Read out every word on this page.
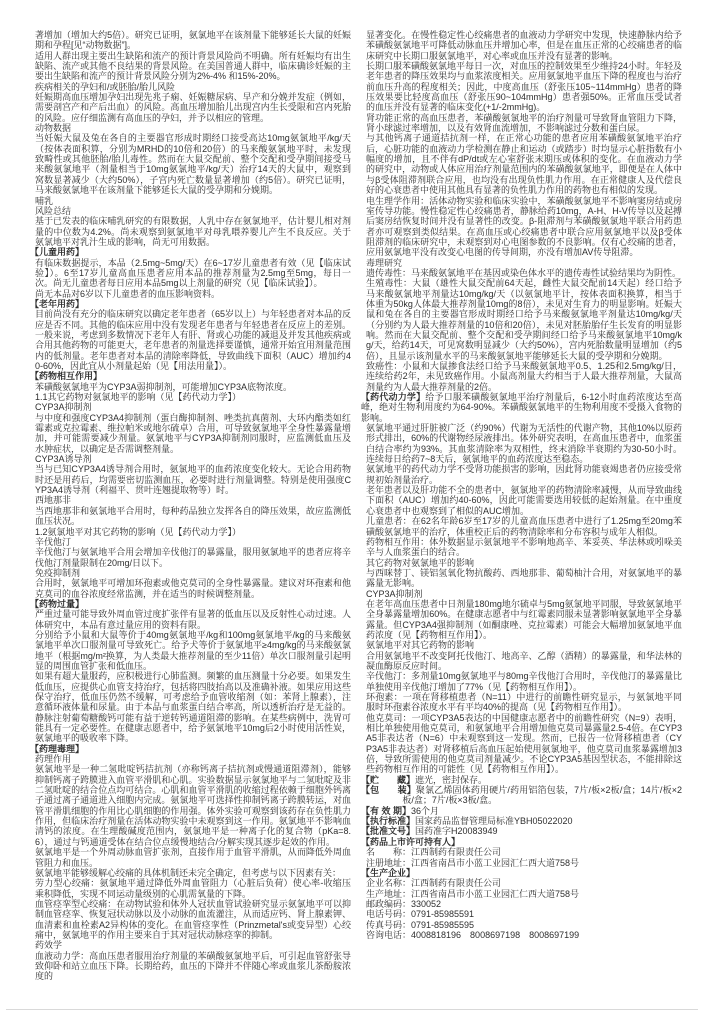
著增加（增加大约5倍）。研究已证明，氨氯地平在该剂量下能够延长大鼠的妊娠期和孕程[见“动物数据”]。

适用人群出现主要出生缺陷和流产的预计背景风险尚不明确。所有妊娠均有出生缺陷、流产或其他不良结果的背景风险。在美国普通人群中，临床确诊妊娠的主要出生缺陷和流产的预计背景风险分别为2%-4% 和15%-20%。

疾病相关的孕妇和/或胚胎/胎儿风险

妊娠期高血压增加孕妇出现先兆子痫、妊娠糖尿病、早产和分娩并发症（例如，需要剖宫产和产后出血）的风险。高血压增加胎儿出现宫内生长受限和宫内死胎的风险。应仔细监测有高血压的孕妇，并予以相应的管理。

动物数据

当妊娠大鼠及兔在各自的主要器官形成时期经口接受高达10mg氨氯地平/kg/天（按体表面积算，分别为MRHD的10倍和20倍）的马来酸氨氯地平时，未发现致畸性或其他胚胎/胎儿毒性。然而在大鼠交配前、整个交配和受孕期间接受马来酸氨氯地平（剂量相当于10mg氨氯地平/kg/天）治疗14天的大鼠中，观察到窝数显著减少（大约50%），子宫内死亡数量显著增加（约5倍）。研究已证明，马来酸氨氯地平在该剂量下能够延长大鼠的受孕期和分娩期。

哺乳

风险总结

基于已发表的临床哺乳研究的有限数据，人乳中存在氨氯地平，估计婴儿相对剂量的中位数为4.2%。尚未观察到氨氯地平对母乳喂养婴儿产生不良反应。关于氨氯地平对乳汁生成的影响，尚无可用数据。

【儿童用药】

有临床数据提示，本品（2.5mg~5mg/天）在6~17岁儿童患者有效（见【临床试验】）。6至17岁儿童高血压患者应用本品的推荐剂量为2.5mg至5mg，每日一次。尚无儿童患者每日应用本品5mg以上剂量的研究（见【临床试验】）。

尚无本品对6岁以下儿童患者的血压影响资料。

【老年用药】

目前尚没有充分的临床研究以确定老年患者（65岁以上）与年轻患者对本品的反应是否不同。其他的临床应用中没有发现老年患者与年轻患者在反应上的差别。一般来说，考虑到多数情况下老年人有肝、肾或心功能的减退及并发其他疾病或合用其他药物的可能更大，老年患者的剂量选择要谨慎，通常开始宜用剂量范围内的低剂量。老年患者对本品的清除率降低，导致曲线下面积（AUC）增加约40-60%，因此宜从小剂量起始（见【用法用量】）。

【药物相互作用】

苯磺酸氨氯地平为CYP3A弱抑制剂，可能增加CYP3A底物浓度。

1.1其它药物对氨氯地平的影响（见【药代动力学】）

CYP3A抑制剂

与中度和强度CYP3A4抑制剂（蛋白酶抑制剂、唑类抗真菌剂、大环内酯类如红霉素或克拉霉素、维拉帕米或地尔硫卓）合用，可导致氨氯地平全身性暴露量增加，并可能需要减少剂量。氨氯地平与CYP3A抑制剂同服时，应监测低血压及水肿症状，以确定是否需调整剂量。

CYP3A诱导剂

当与已知CYP3A4诱导剂合用时，氨氯地平的血药浓度变化较大。无论合用药物时还是用药后，均需要密切监测血压，必要时进行剂量调整。特别是使用强度CYP3A4诱导剂（利福平、贯叶连翘提取物等）时。

西地那非

当西地那非和氨氯地平合用时，每种药品独立发挥各自的降压效果，故应监测低血压状况。

1.2氨氯地平对其它药物的影响（见【药代动力学】）

辛伐他汀

辛伐他汀与氨氯地平合用会增加辛伐他汀的暴露量，服用氨氯地平的患者应将辛伐他汀剂量限制在20mg/日以下。

免疫抑制剂

合用时，氨氯地平可增加环孢素或他克莫司的全身性暴露量。建议对环孢素和他克莫司的血谷浓度经常监测，并在适当的时候调整剂量。

【药物过量】

严重过量可能导致外周血管过度扩张伴有显著的低血压以及反射性心动过速。人体研究中，本品有意过量应用的资料有限。

分别给予小鼠和大鼠等价于40mg氨氯地平/kg和100mg氨氯地平/kg的马来酸氨氯地平单次口服剂量可导致死亡。给予犬等价于氨氯地平≥4mg/kg的马来酸氨氯地平（根据mg/m²换算，为人类最大推荐剂量的至少11倍）单次口服剂量引起明显的周围血管扩张和低血压。

如果有超大量服药，应积极进行心肺监测。频繁的血压测量十分必要。如果发生低血压，应提供心血管支持治疗，包括将四肢抬高以及准确补液。如果应用这些保守治疗，低血压仍然不缓解，可考虑给予血管收缩剂（如：苯肾上腺素），注意循环液体量和尿量。由于本品与血浆蛋白结合率高，所以透析治疗是无益的。静脉注射葡萄糖酸钙可能有益于逆转钙通道阻滞的影响。在某些病例中，洗胃可能具有一定必要性。在健康志愿者中，给予氨氯地平10mg后2小时使用活性炭，氨氯地平的吸收率下降。

【药理毒理】

药理作用

氨氯地平是一种二氢吡啶钙拮抗剂（亦称钙离子拮抗剂或慢通道阻滞剂），能够抑制钙离子跨膜进入血管平滑肌和心肌。实验数据显示氨氯地平与二氢吡啶及非二氢吡啶的结合位点均可结合。心肌和血管平滑肌的收缩过程依赖于细胞外钙离子通过离子通道进入细胞内完成。氨氯地平可选择性抑制钙离子跨膜转运，对血管平滑肌细胞的作用比心肌细胞的作用强。体外实验可观察到该药存在负性肌力作用，但临床治疗剂量在活体动物实验中未观察到这一作用。氨氯地平不影响血清钙的浓度。在生理酸碱度范围内，氨氯地平是一种离子化的复合物（pKa=8.6），通过与钙通道受体在结合位点缓慢地结合/分解实现其逐步起效的作用。

氨氯地平是一个外周动脉血管扩张剂，直接作用于血管平滑肌，从而降低外周血管阻力和血压。

氨氯地平能够缓解心绞痛的具体机制还未完全确定，但考虑与以下因素有关：

劳力型心绞痛：氨氯地平通过降低外周血管阻力（心脏后负荷）使心率-收缩压乘积降低，实现不同运动量级别的心肌需氧量的下降。

血管痉挛型心绞痛：在动物试验和体外人冠状血管试验研究显示氨氯地平可以抑制血管痉挛、恢复冠状动脉以及小动脉的血流灌注，从而适应钙、肾上腺素钾、血清素和血栓素A2异构体的变化。在血管痉挛性（Prinzmetal's或变异型）心绞痛中，氨氯地平的作用主要来自于其对冠状动脉痉挛的抑制。

药效学

血液动力学：高血压患者服用治疗剂量的苯磺酸氨氯地平后，可引起血管舒张导致仰卧和站立血压下降。长期给药，血压的下降并不伴随心率或血浆儿茶酚胺浓度的

显著变化。在慢性稳定性心绞痛患者的血液动力学研究中发现，快速静脉内给予苯磺酸氨氯地平可降低动脉血压并增加心率，但是在血压正常的心绞痛患者的临床研究中长期口服氨氯地平，对心率或血压并没有显著的影响。

长期口服苯磺酸氨氯地平每日一次，对血压的控制效果至少维持24小时。年轻及老年患者的降压效果均与血浆浓度相关。应用氨氯地平血压下降的程度也与治疗前血压升高的程度相关；因此，中度高血压（舒张压105~114mmHg）患者的降压效果要比轻度高血压（舒张压90~104mmHg）患者强50%。正常血压受试者的血压并没有显著的临床变化(+1/-2mmHg)。

肾功能正常的高血压患者，苯磺酸氨氯地平的治疗剂量可导致肾血管阻力下降，肾小球滤过率增加，以及有效肾血流增加，不影响滤过分数和蛋白尿。

与其他钙离子通道拮抗剂一样，在正常心功能的患者应用苯磺酸氨氯地平治疗后，心脏功能的血液动力学检测在静止和运动（或踏步）时均显示心脏指数有小幅度的增加，且不伴有dP/dt或左心室舒张末期压或体积的变化。在血液动力学的研究中，动物或人体应用治疗剂量范围内的苯磺酸氨氯地平，即便是在人体中与β受体阻滞剂联合应用，也均没有出现负性肌力作用。在正常健康人及代偿良好的心衰患者中使用其他具有显著的负性肌力作用的药物也有相似的发现。

电生理学作用：活体动物实验和临床实验中，苯磺酸氨氯地平不影响窦房结或房室传导功能。慢性稳定性心绞痛患者，静脉给药10mg，A-H、H-V传导以及起搏后窦房结恢复时间并没有显著性的改变。β-阻滞剂与苯磺酸氨氯地平联合用药患者亦可观察到类似结果。在高血压或心绞痛患者中联合应用氨氯地平以及β受体阻滞剂的临床研究中，未观察到对心电图参数的不良影响。仅有心绞痛的患者，应用氨氯地平没有改变心电图的传导间期，亦没有增加AV传导阻滞。

毒理研究

遗传毒性：马来酸氨氯地平在基因或染色体水平的遗传毒性试验结果均为阴性。

生殖毒性：大鼠（雄性大鼠交配前64天起，雌性大鼠交配前14天起）经口给予马来酸氨氯地平剂量达10mg/kg/天（以氨氯地平计，按体表面积换算，相当于体重为50kg人体最大推荐剂量10mg的8倍），未见对生育力的明显影响。妊娠大鼠和兔在各自的主要器官形成时期经口给予马来酸氨氯地平剂量达10mg/kg/天（分别约为人最大推荐剂量的10倍和20倍），未见对胚胎胎仔生长发育的明显影响。然而在大鼠交配前、整个交配和受孕期间经口给予马来酸氨氯地平10mg/kg/天，给药14天，可见窝数明显减少（大约50%），宫内死胎数量明显增加（约5倍），且显示该剂量水平的马来酸氨氯地平能够延长大鼠的受孕期和分娩期。

致癌性：小鼠和大鼠掺食法经口给予马来酸氨氯地平0.5、1.25和2.5mg/kg/日，连续给药2年，未见致癌作用。小鼠高剂量大约相当于人最大推荐剂量，大鼠高剂量约为人最大推荐剂量的2倍。

【药代动力学】给予口服苯磺酸氨氯地平治疗剂量后，6-12小时血药浓度达至高峰，绝对生物利用度约为64-90%。苯磺酸氨氯地平的生物利用度不受摄入食物的影响。

氨氯地平通过肝脏被广泛（约90%）代谢为无活性的代谢产物，其他10%以原药形式排出，60%的代谢物经尿液排出。体外研究表明，在高血压患者中，血浆蛋白结合率约为93%。其血浆清除率为双相性，终末消除半衰期约为30-50小时。连续每日给药7~8天后，氨氯地平的血药浓度达至稳态。

氨氯地平的药代动力学不受肾功能损害的影响，因此肾功能衰竭患者仍应接受常规初始剂量治疗。

老年患者以及肝功能不全的患者中，氨氯地平的药物清除率减慢，从而导致曲线下面积（AUC）增加约40-60%，因此可能需要选用较低的起始剂量。在中重度心衰患者中也观察到了相似的AUC增加。

儿童患者：在62名年龄6岁至17岁的儿童高血压患者中进行了1.25mg至20mg苯磺酸氨氯地平的治疗，体重校正后的药物清除率和分布容积与成年人相似。

药物相互作用：体外数据显示氨氯地平不影响地高辛、苯妥英、华法林或吲哚美辛与人血浆蛋白的结合。

其它药物对氨氯地平的影响

与西咪替丁、镁铝氢氧化物抗酸药、西地那非、葡萄柚汁合用，对氨氯地平的暴露量无影响。

CYP3A抑制剂

在老年高血压患者中日剂量180mg地尔硫卓与5mg氨氯地平同服，导致氨氯地平全身暴露量增加60%。在健康志愿者中与红霉素同服未显著影响氨氯地平全身暴露量。但CYP3A4强抑制剂（如酮康唑、克拉霉素）可能会大幅增加氨氯地平血药浓度（见【药物相互作用】）。

氨氯地平对其它药物的影响

合用氨氯地平不改变阿托伐他汀、地高辛、乙醇（酒精）的暴露量，和华法林的凝血酶原反应时间。

辛伐他汀：多剂量10mg氨氯地平与80mg辛伐他汀合用时，辛伐他汀的暴露量比单独使用辛伐他汀增加了77%（见【药物相互作用】）。

环孢素：一项在肾移植患者（N=11）中进行的前瞻性研究显示，与氨氯地平同服时环孢素谷浓度水平有平均40%的提高（见【药物相互作用】）。

他克莫司：一项CYP3A5表达的中国健康志愿者中的前瞻性研究（N=9）表明，相比单独使用他克莫司，和氨氯地平合用增加他克莫司暴露量2.5-4倍。在CYP3A5非表达者（N=6）中未观察到这一发现。然而，已报告一位肾移植患者（CYP3A5非表达者）对肾移植后高血压起始使用氨氯地平，他克莫司血浆暴露增加3倍，导致所需使用的他克莫司剂量减少。不论CYP3A5基因型状态，不能排除这些药物相互作用的可能性（见【药物相互作用】）。

【贮　　藏】遮光，密封保存。

【包　　装】聚氯乙烯固体药用硬片/药用铝箔包装，7片/板×2板/盒；14片/板×2板/盒；7片/板×3板/盒。

【有 效 期】36个月

【执行标准】国家药品监督管理局标准YBH05022020

【批准文号】国药准字H20083949

【药品上市许可持有人】

名　　称：江西制药有限责任公司

注册地址：江西省南昌市小蓝工业园汇仁西大道758号

【生产企业】

企业名称：江西制药有限责任公司

生产地址：江西省南昌市小蓝工业园汇仁西大道758号

邮政编码：330052

电话号码：0791-85985591

传真号码：0791-85985595

咨询电话：4008818196　8008697198　8008697199
